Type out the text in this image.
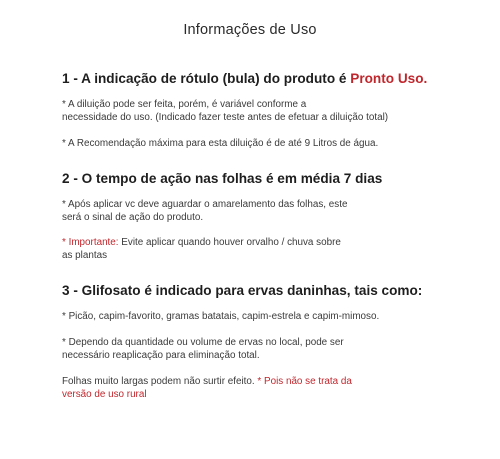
Informações de Uso

1 - A indicação de rótulo (bula) do produto é Pronto Uso.

* A diluição pode ser feita, porém, é variável conforme a
necessidade do uso. (Indicado fazer teste antes de efetuar a diluição total)

* A Recomendação máxima para esta diluição é de até 9 Litros de água.

2 - O tempo de ação nas folhas é em média 7 dias

* Após aplicar vc deve aguardar o amarelamento das folhas, este
será o sinal de ação do produto.

* Importante: Evite aplicar quando houver orvalho / chuva sobre
as plantas

3 - Glifosato é indicado para ervas daninhas, tais como:

* Picão, capim-favorito, gramas batatais, capim-estrela e capim-mimoso.

* Dependo da quantidade ou volume de ervas no local, pode ser
necessário reaplicação para eliminação total.

Folhas muito largas podem não surtir efeito. * Pois não se trata da
versão de uso rural
